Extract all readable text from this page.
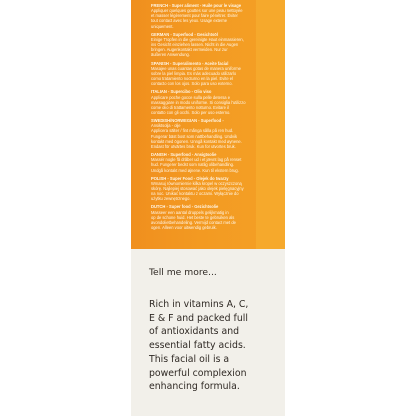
FRENCH - Super aliment - Huile pour le visage

Appliquer quelques gouttes sur une peau nettoyée

et masser légèrement pour faire pénétrer. Éviter

tout contact avec les yeux. Usage externe

uniquement.

GERMAN - Superfood - Gesichtsöl

Einige Tropfen in die gereinigte Haut einmassieren,

ins Gesicht einziehen lassen. Nicht in die Augen

bringen. Augenkontakt vermeiden. Nur zur

äußeren Anwendung.

SPANISH - Superalimento - Aceite facial

Masajee unas cuantas gotas de manera uniforme

sobre la piel limpia. Es más adecuado utilizarlo

como tratamiento nocturno en la piel. Evite el

contacto con los ojos. Solo para uso externo.

ITALIAN - Supercibo - Olio viso

Applicare poche gocce sulla pelle detersa e

massaggiare in modo uniforme. Si consiglia l'utilizzo

come olio di trattamento notturno. Evitare il

contatto con gli occhi. Solo per uso esterno.

SWEDISH/NORWEGIAN - Superfood -

Ansiktsolja - olje

Applicera sälter / fint många sålla på ren hud.

Fungerar bäst bost som nattbehandling. Undvik

kontakt med ögonen. Unngå kontakt med øynene.

Endast för utvärtes bruk. Kun for utvortes bruk.

DANISH - Superfood - Ansigtsolie

Massér nogle få dråber ud i et jævnt lag på renset

hud. Fungerer bedst som natlig olibehandling.

Undgå kontakt med øjnene. Kun til ekstern brug.

POLISH - Super Food - Olejek do twarzy

Wmasuj równomiernie kilka kropel w oczyszczoną

skórę. Najlepiej stosować jako olejek pielęgnacyjny

na noc. Unikać kontaktu z oczami. Wyłącznie do

użytku zewnętrznego.

DUTCH - Super food - Gezichtsolie

Masseer een aantal druppels gelijkmatig in

op de schone huid. Het beste te gebruiken als

avondolietbehandeling. Vermijd contact met de

ogen. Alleen voor uitwendig gebruik.

Tell me more...

Rich in vitamins A, C,
E & F and packed full
of antioxidants and
essential fatty acids.
This facial oil is a
powerful complexion
enhancing formula.
